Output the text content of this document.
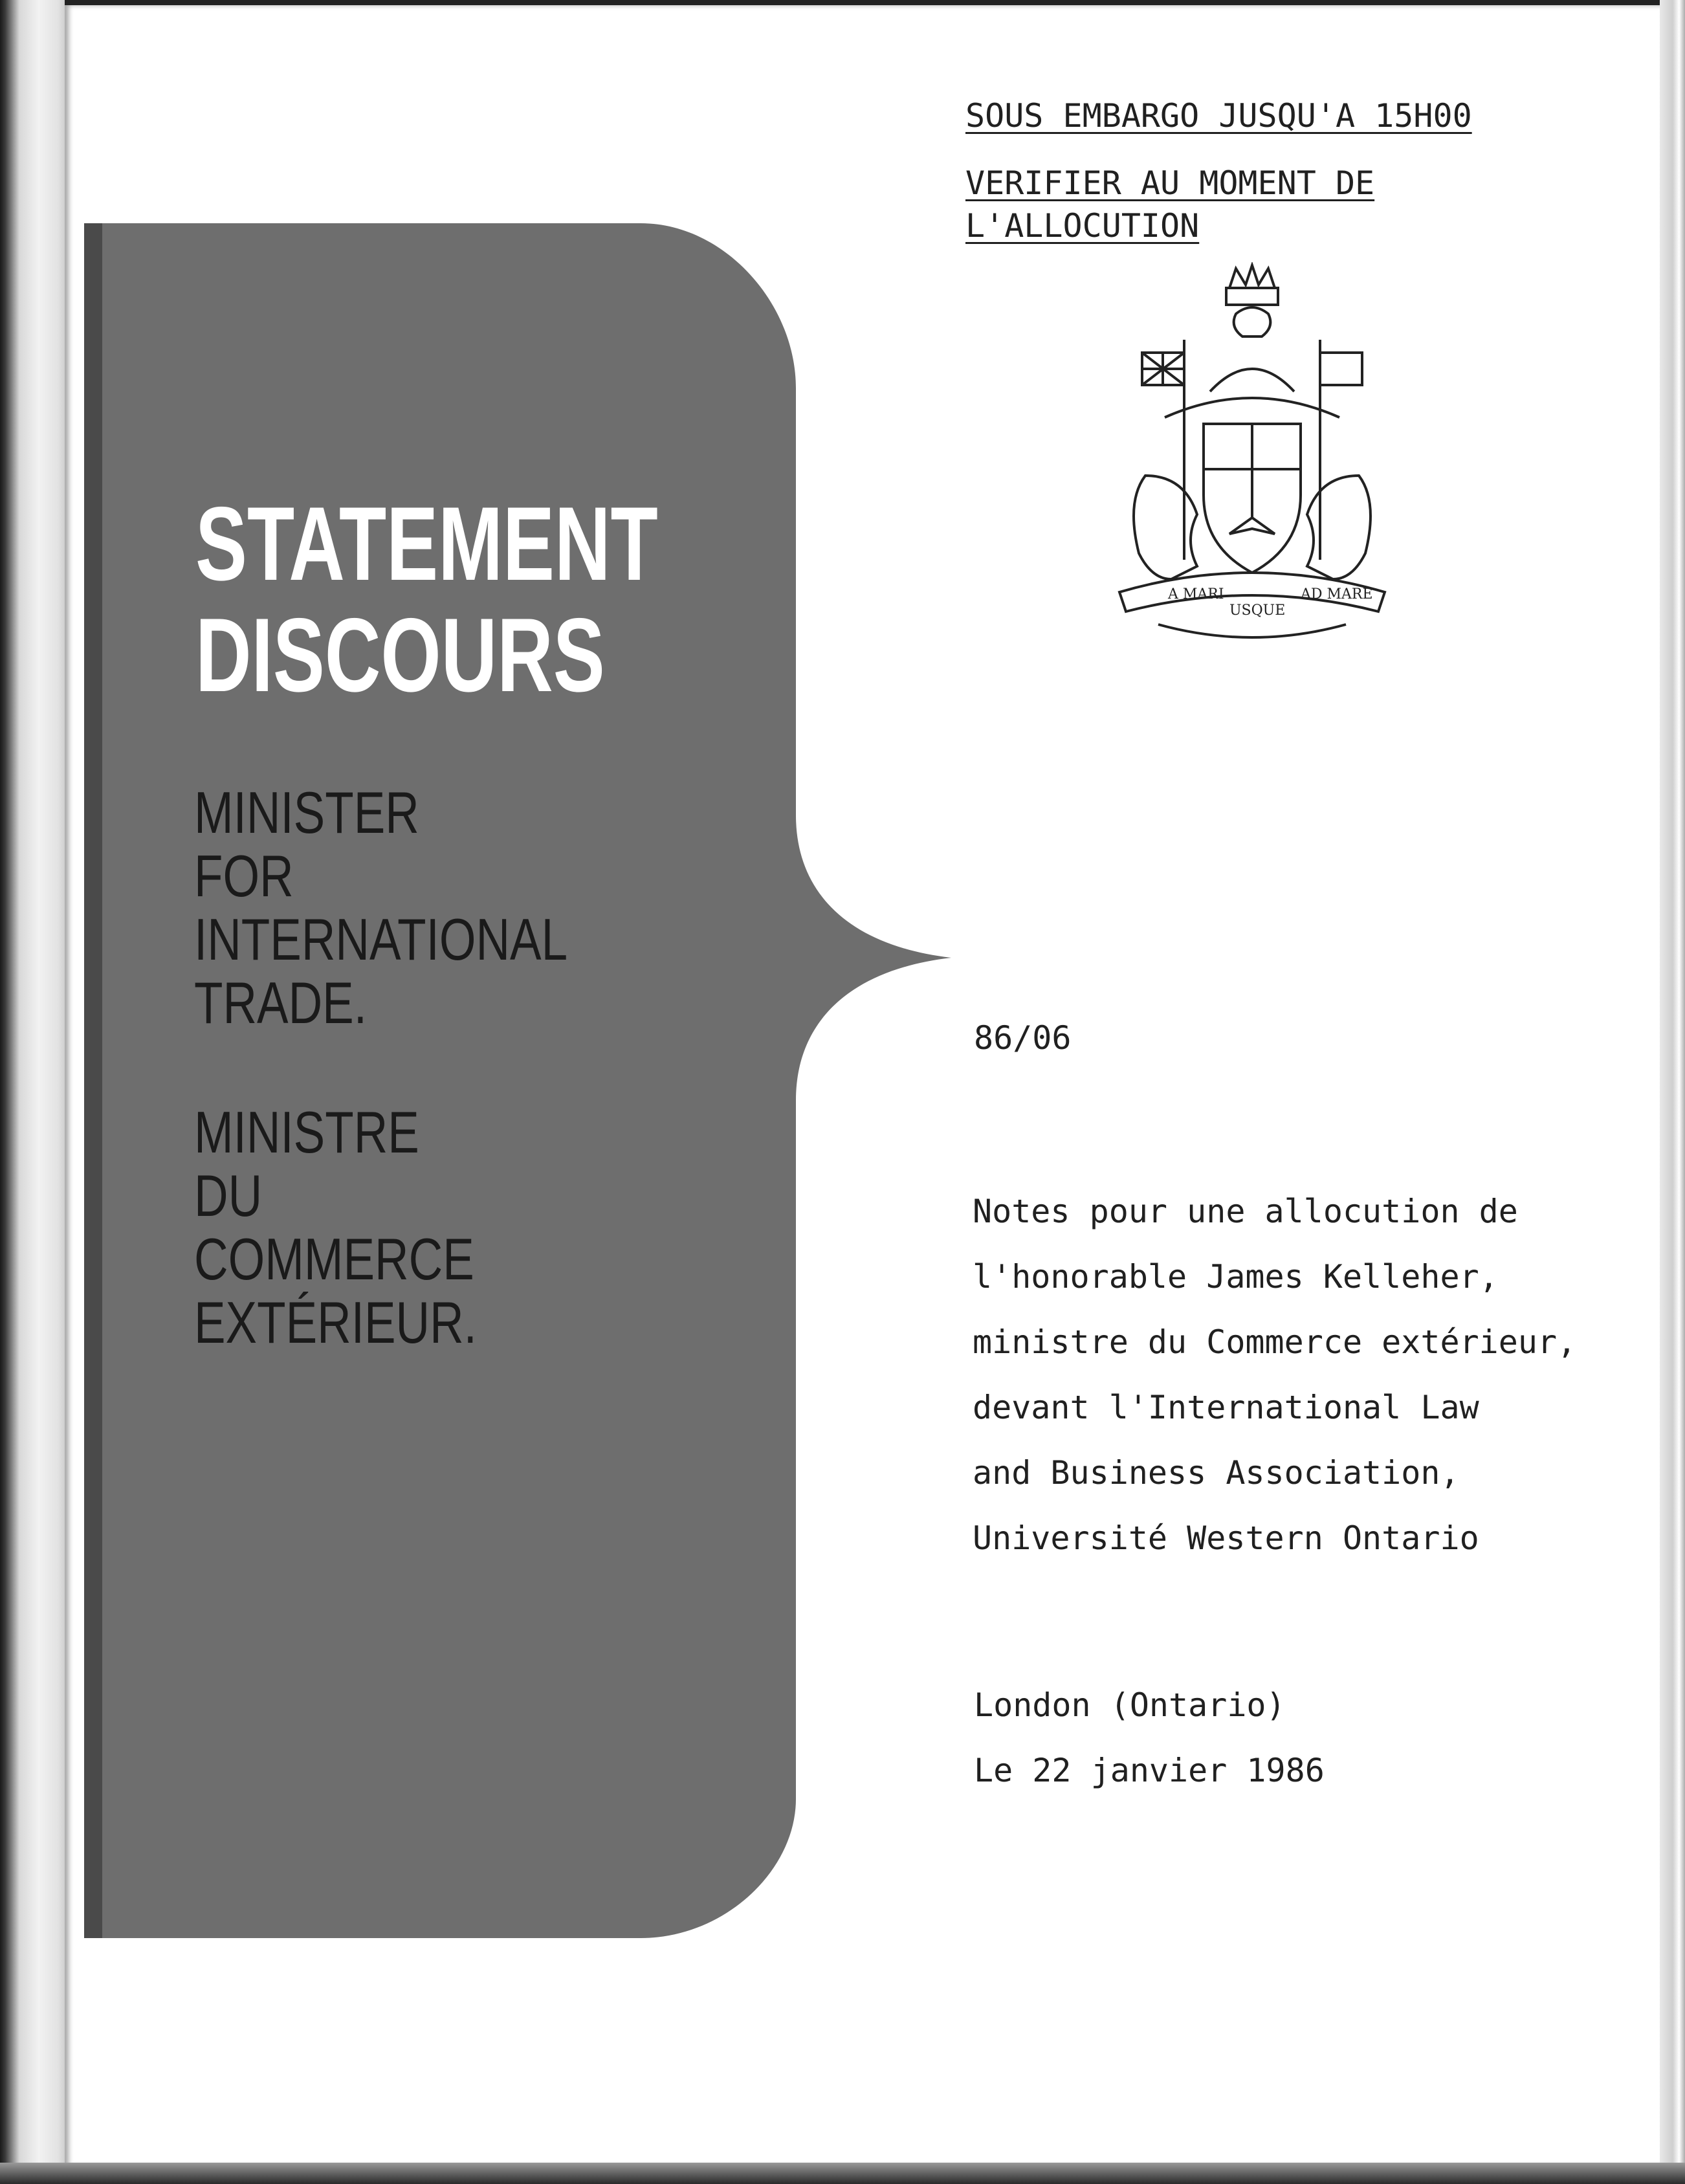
SOUS EMBARGO JUSQU'A 15H00
VERIFIER AU MOMENT DE
L'ALLOCUTION
A MARI
USQUE
AD MARE
STATEMENT
DISCOURS
MINISTER
FOR
INTERNATIONAL
TRADE.
MINISTRE
DU
COMMERCE
EXTÉRIEUR.
86/06
Notes pour une allocution de
l'honorable James Kelleher,
ministre du Commerce extérieur,
devant l'International Law
and Business Association,
Université Western Ontario
London (Ontario)
Le 22 janvier 1986
